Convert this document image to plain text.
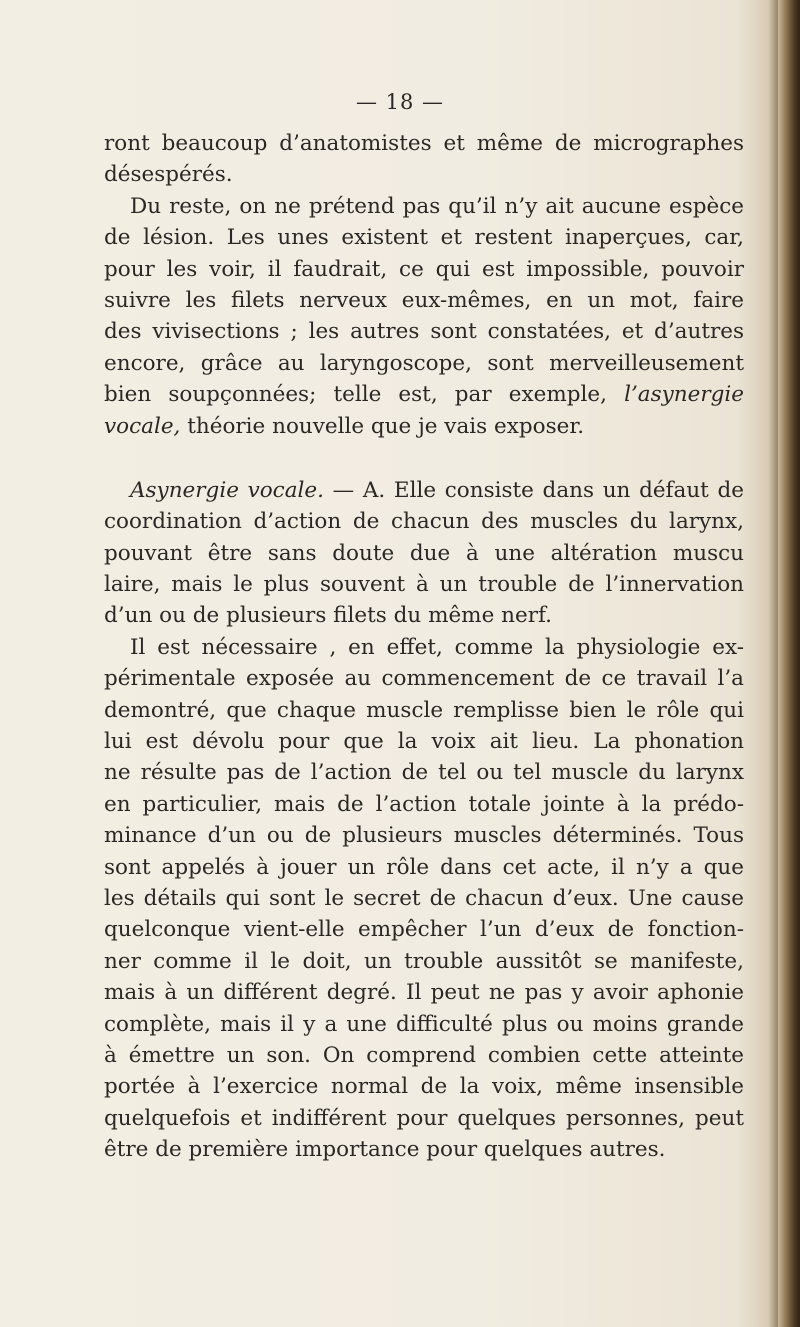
— 18 —
ront beaucoup d’anatomistes et même de micrographes
désespérés.
Du reste, on ne prétend pas qu’il n’y ait aucune espèce
de lésion. Les unes existent et restent inaperçues, car,
pour les voir, il faudrait, ce qui est impossible, pouvoir
suivre les filets nerveux eux-mêmes, en un mot, faire
des vivisections ; les autres sont constatées, et d’autres
encore, grâce au laryngoscope, sont merveilleusement
bien soupçonnées; telle est, par exemple, l’asynergie
vocale, théorie nouvelle que je vais exposer.
Asynergie vocale. — A. Elle consiste dans un défaut de
coordination d’action de chacun des muscles du larynx,
pouvant être sans doute due à une altération muscu
laire, mais le plus souvent à un trouble de l’innervation
d’un ou de plusieurs filets du même nerf.
Il est nécessaire , en effet, comme la physiologie ex-
périmentale exposée au commencement de ce travail l’a
demontré, que chaque muscle remplisse bien le rôle qui
lui est dévolu pour que la voix ait lieu. La phonation
ne résulte pas de l’action de tel ou tel muscle du larynx
en particulier, mais de l’action totale jointe à la prédo-
minance d’un ou de plusieurs muscles déterminés. Tous
sont appelés à jouer un rôle dans cet acte, il n’y a que
les détails qui sont le secret de chacun d’eux. Une cause
quelconque vient-elle empêcher l’un d’eux de fonction-
ner comme il le doit, un trouble aussitôt se manifeste,
mais à un différent degré. Il peut ne pas y avoir aphonie
complète, mais il y a une difficulté plus ou moins grande
à émettre un son. On comprend combien cette atteinte
portée à l’exercice normal de la voix, même insensible
quelquefois et indifférent pour quelques personnes, peut
être de première importance pour quelques autres.
